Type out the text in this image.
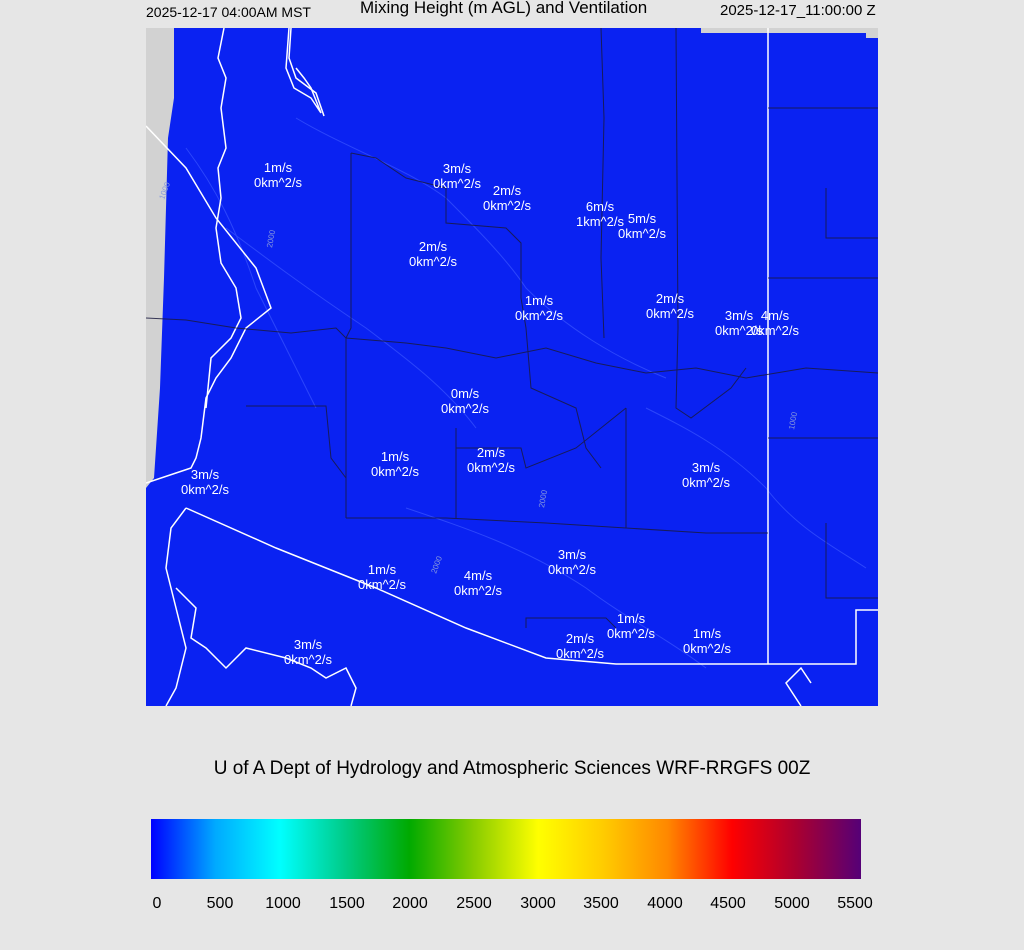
2025-12-17 04:00AM MST	Mixing Height (m AGL) and Ventilation	2025-12-17_11:00:00 Z
1000
2000
2000
2000
1000
1m/s
0km^2/s
3m/s
0km^2/s 2m/s
0km^2/s	6m/s
1km^2/s 5m/s
0km^2/s
2m/s
0km^2/s
1m/s
0km^2/s
2m/s
0km^2/s	3m/s
0km^2/s
4m/s
0km^2/s
0m/s
0km^2/s
1m/s
0km^2/s
2m/s
0km^2/s
3m/s
0km^2/s
3m/s
0km^2/s
1m/s
0km^2/s
4m/s
0km^2/s
3m/s
0km^2/s
1m/s
0km^2/s
2m/s
0km^2/s
1m/s
0km^2/s
3m/s
0km^2/s
U of A Dept of Hydrology and Atmospheric Sciences WRF-RRGFS 00Z
0	500 1000 1500 2000 2500 3000 3500 4000 4500 5000 5500
